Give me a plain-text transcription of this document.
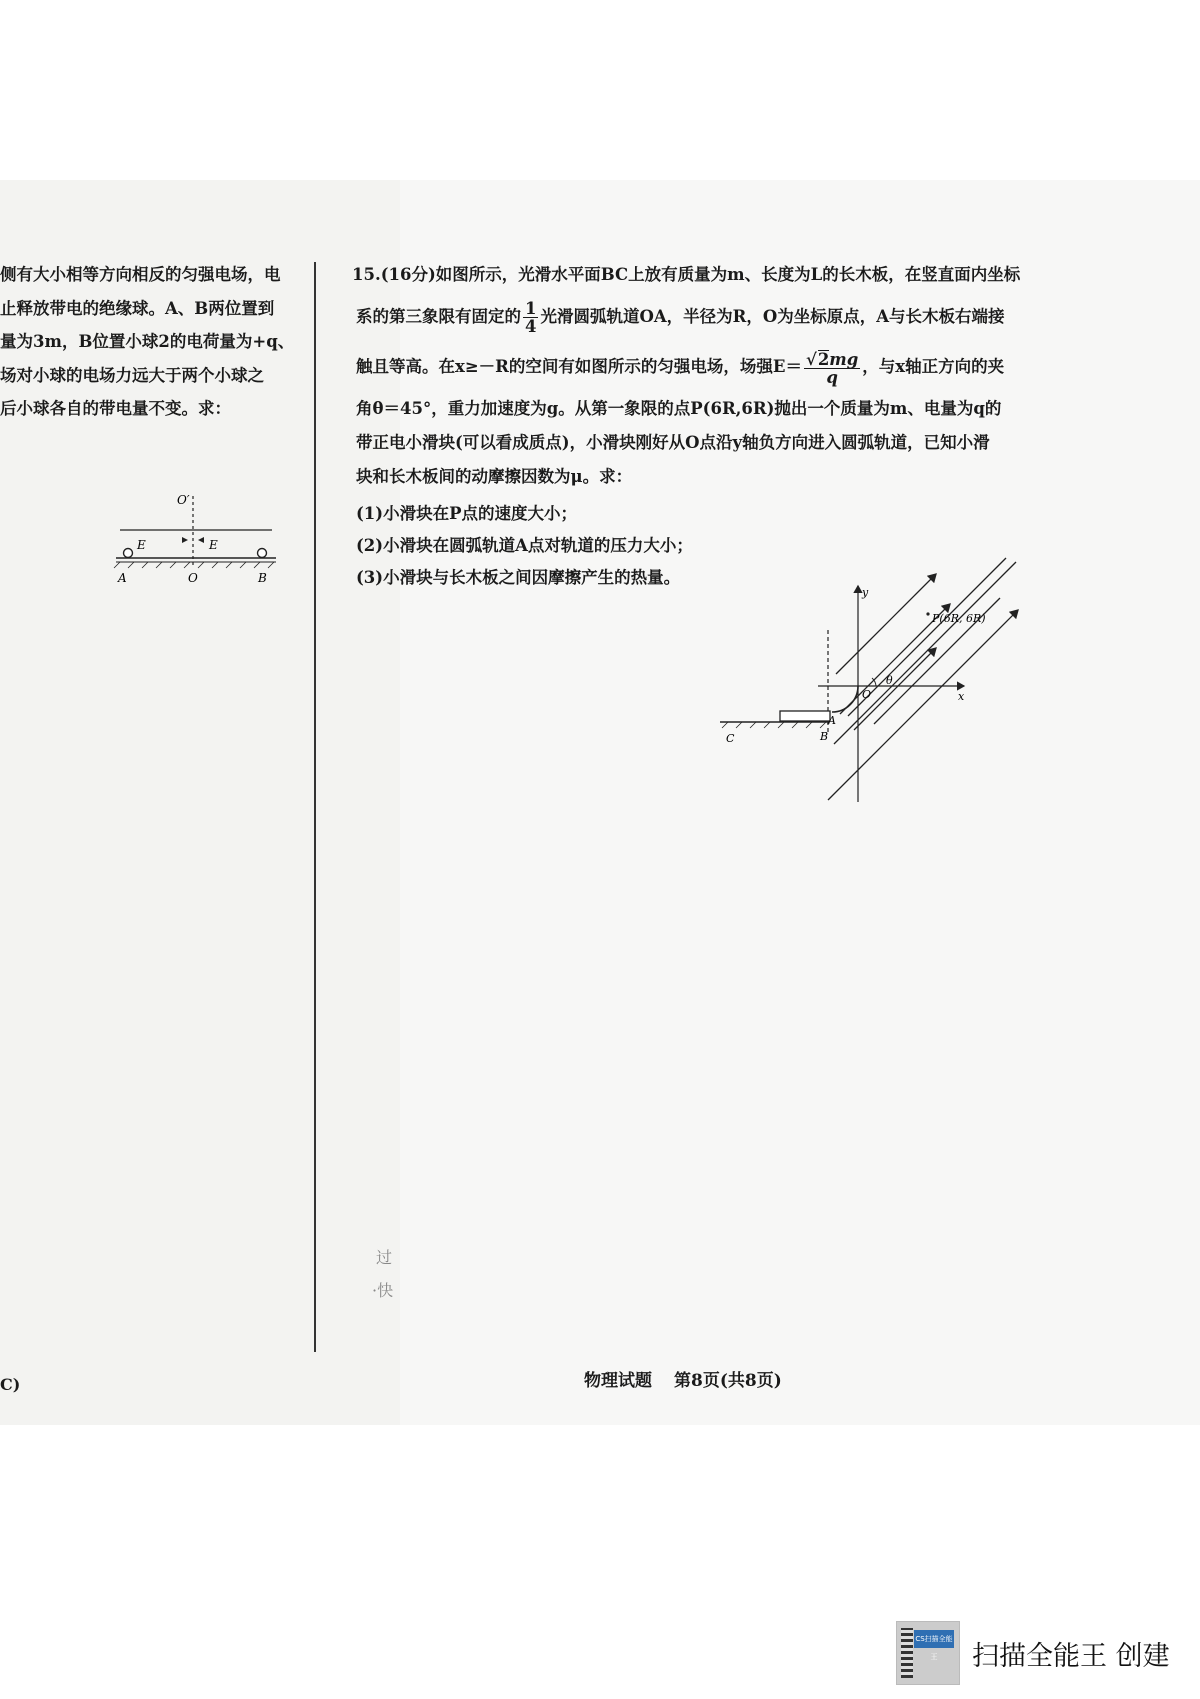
侧有大小相等方向相反的匀强电场，电
止释放带电的绝缘球。A、B两位置到
量为3m，B位置小球2的电荷量为+q、
场对小球的电场力远大于两个小球之
后小球各自的带电量不变。求：
O′
E	E
A	O	B
15.(16分)如图所示，光滑水平面BC上放有质量为m、长度为L的长木板，在竖直面内坐标
系的第三象限有固定的 $\frac{1}{4}$ 光滑圆弧轨道OA，半径为R，O为坐标原点，A与长木板右端接
触且等高。在x≥－R的空间有如图所示的匀强电场，场强$E= \frac{√2mg}{q}$ ，与x轴正方向的夹
角θ＝45°，重力加速度为g。从第一象限的点P(6R,6R)抛出一个质量为m、电量为q的
带正电小滑块(可以看成质点)，小滑块刚好从O点沿y轴负方向进入圆弧轨道，已知小滑
块和长木板间的动摩擦因数为μ。求：
(1)小滑块在P点的速度大小；
(2)小滑块在圆弧轨道A点对轨道的压力大小；
(3)小滑块与长木板之间因摩擦产生的热量。
y
x
P(6R, 6R)
O
θ
A
B
C
过
·快
C)	物理试题 第8页(共8页)
CS扫描全能王	扫描全能王 创建
